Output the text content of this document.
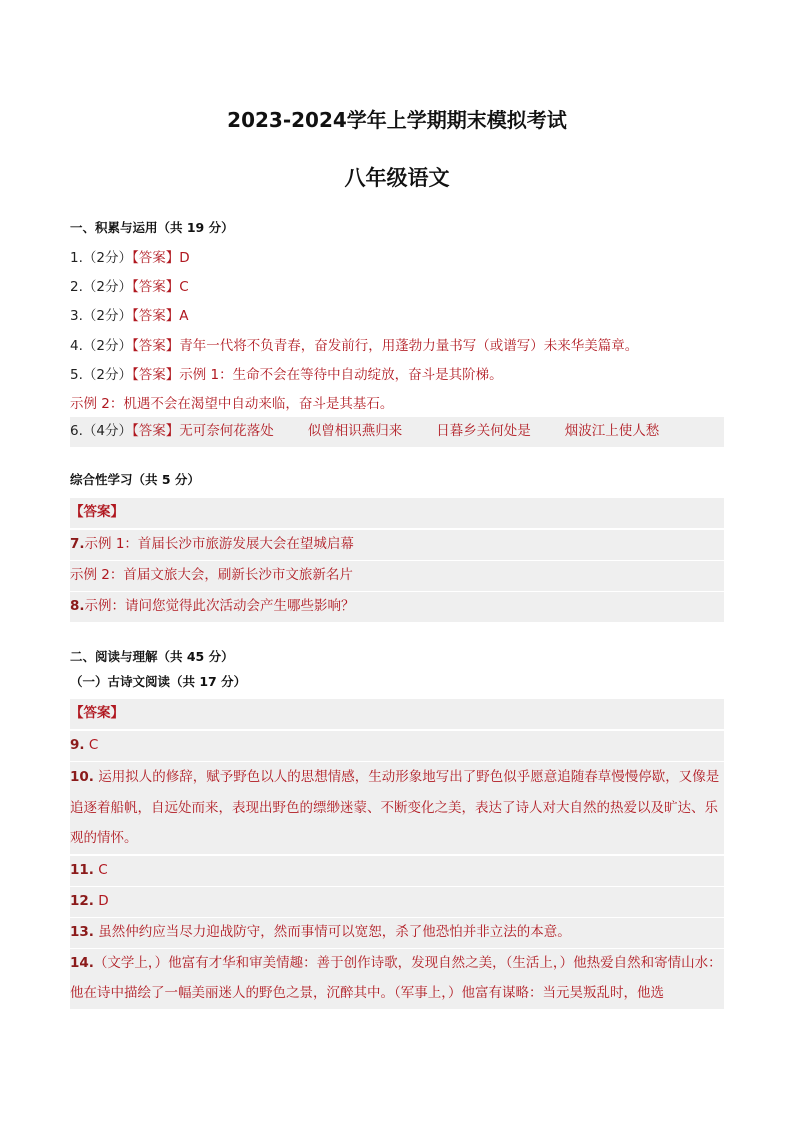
2023-2024学年上学期期末模拟考试
八年级语文
一、积累与运用（共 19 分）
1.（2分）【答案】D
2.（2分）【答案】C
3.（2分）【答案】A
4.（2分）【答案】青年一代将不负青春，奋发前行，用蓬勃力量书写（或谱写）未来华美篇章。
5.（2分）【答案】示例 1：生命不会在等待中自动绽放，奋斗是其阶梯。
示例 2：机遇不会在渴望中自动来临，奋斗是其基石。
6.（4分）【答案】无可奈何花落处	似曾相识燕归来	日暮乡关何处是	烟波江上使人愁
综合性学习（共 5 分）
【答案】
7.示例 1：首届长沙市旅游发展大会在望城启幕
示例 2：首届文旅大会，刷新长沙市文旅新名片
8.示例：请问您觉得此次活动会产生哪些影响？
二、阅读与理解（共 45 分）
（一）古诗文阅读（共 17 分）
【答案】
9. C
10. 运用拟人的修辞，赋予野色以人的思想情感，生动形象地写出了野色似乎愿意追随春草慢慢停歇，又像是追逐着船帆，自远处而来，表现出野色的缥缈迷蒙、不断变化之美，表达了诗人对大自然的热爱以及旷达、乐观的情怀。
11. C
12. D
13. 虽然仲约应当尽力迎战防守，然而事情可以宽恕，杀了他恐怕并非立法的本意。
14.（文学上，）他富有才华和审美情趣：善于创作诗歌，发现自然之美，（生活上，）他热爱自然和寄情山水：他在诗中描绘了一幅美丽迷人的野色之景，沉醉其中。（军事上，）他富有谋略：当元昊叛乱时，他选
